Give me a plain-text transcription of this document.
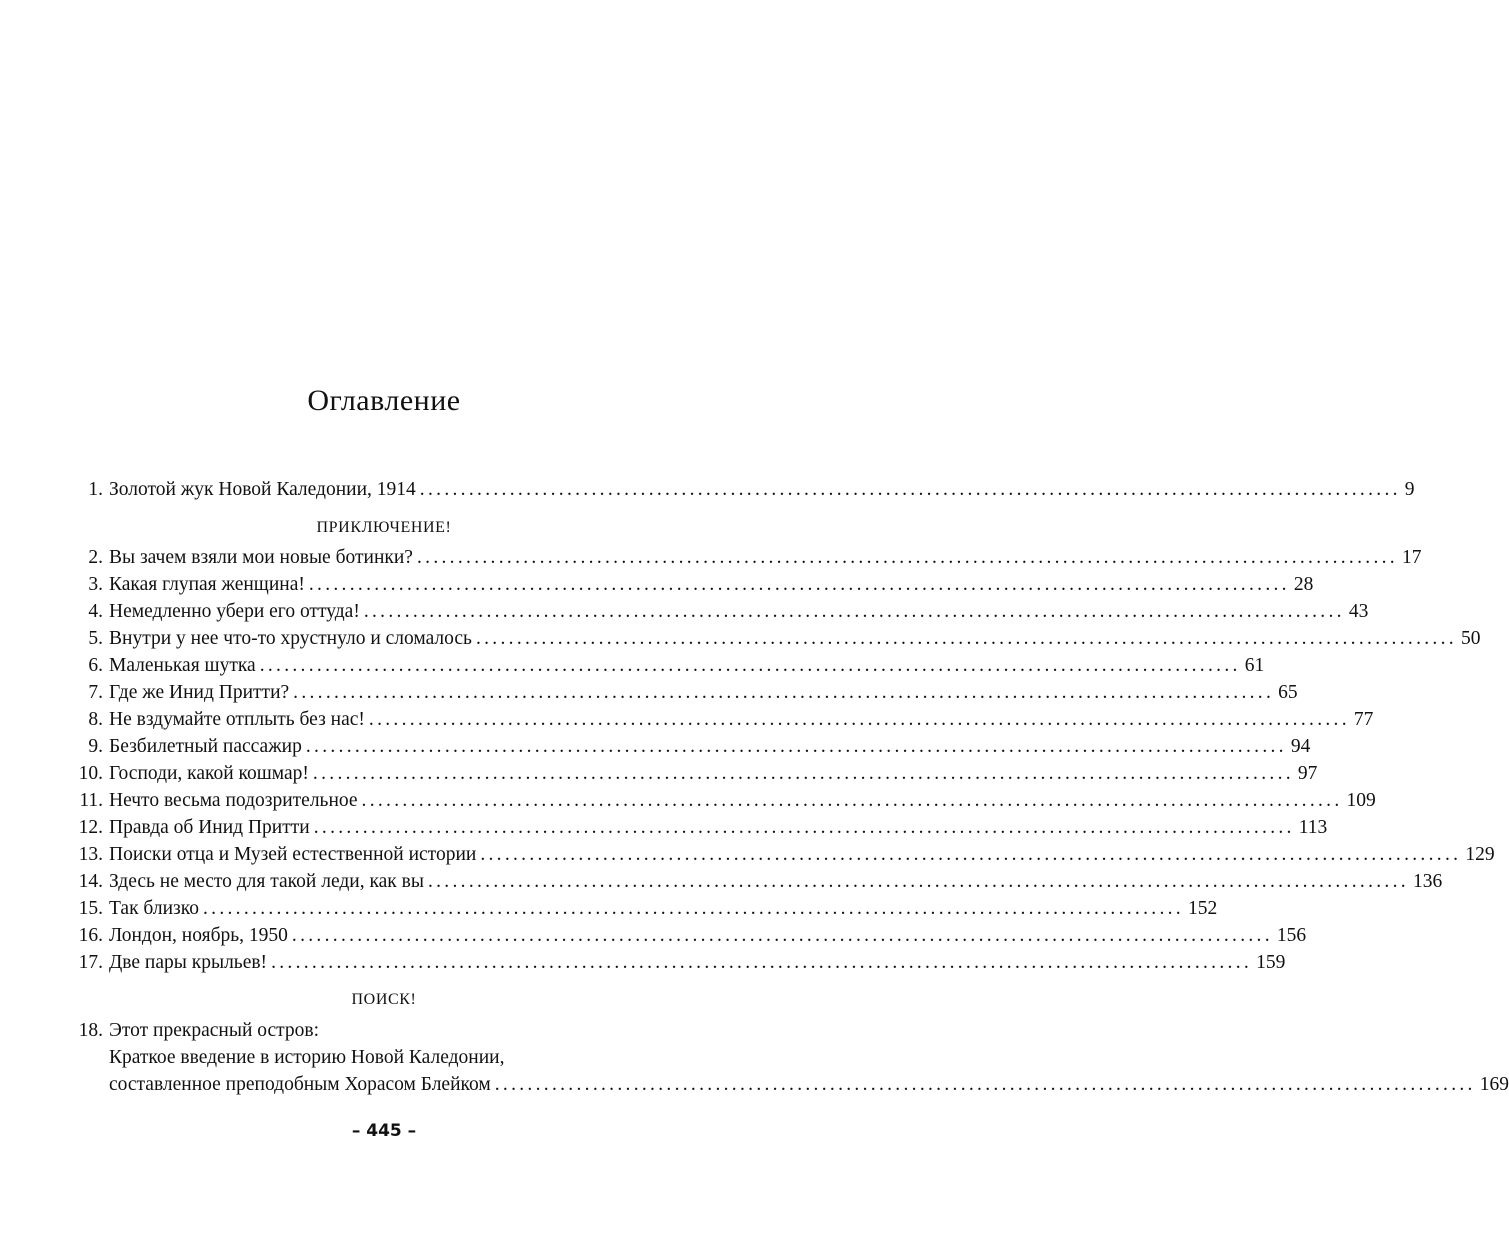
Оглавление
1. Золотой жук Новой Каледонии, 1914 ........................................................................................................................ 9
ПРИКЛЮЧЕНИЕ!
2. Вы зачем взяли мои новые ботинки? ........................................................................................................................ 17
3. Какая глупая женщина! ........................................................................................................................ 28
4. Немедленно убери его оттуда! ........................................................................................................................ 43
5. Внутри у нее что-то хрустнуло и сломалось ........................................................................................................................ 50
6. Маленькая шутка ........................................................................................................................ 61
7. Где же Инид Притти? ........................................................................................................................ 65
8. Не вздумайте отплыть без нас! ........................................................................................................................ 77
9. Безбилетный пассажир ........................................................................................................................ 94
10. Господи, какой кошмар! ........................................................................................................................ 97
11. Нечто весьма подозрительное ........................................................................................................................ 109
12. Правда об Инид Притти ........................................................................................................................ 113
13. Поиски отца и Музей естественной истории ........................................................................................................................ 129
14. Здесь не место для такой леди, как вы ........................................................................................................................ 136
15. Так близко ........................................................................................................................ 152
16. Лондон, ноябрь, 1950 ........................................................................................................................ 156
17. Две пары крыльев! ........................................................................................................................ 159
ПОИСК!
18. Этот прекрасный остров:
Краткое введение в историю Новой Каледонии,
составленное преподобным Хорасом Блейком ........................................................................................................................ 169
– 445 –
